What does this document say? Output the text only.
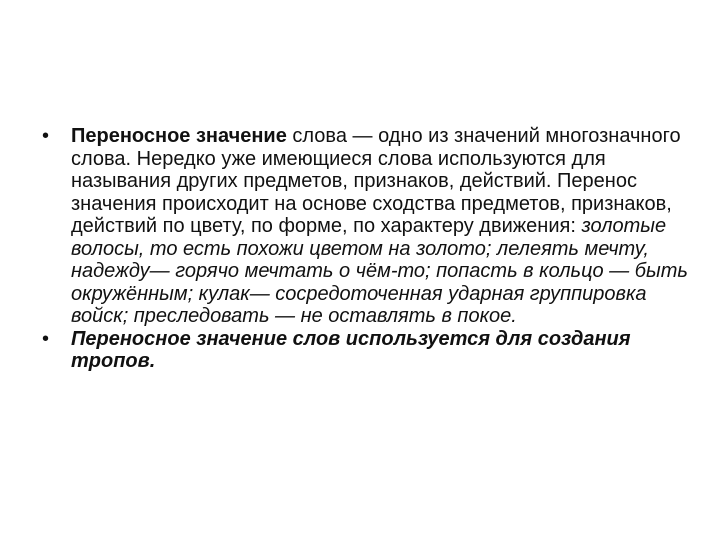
• Переносное значение слова — одно из значений многозначного слова. Нередко уже имеющиеся слова используются для называния других предметов, признаков, действий. Перенос значения происходит на основе сходства предметов, признаков, действий по цвету, по форме, по характеру движения: золотые волосы, то есть похожи цветом на золото; лелеять мечту, надежду— горячо мечтать о чём-то; попасть в кольцо — быть окружённым; кулак— сосредоточенная ударная группировка войск; преследовать — не оставлять в покое.
• Переносное значение слов используется для создания тропов.
